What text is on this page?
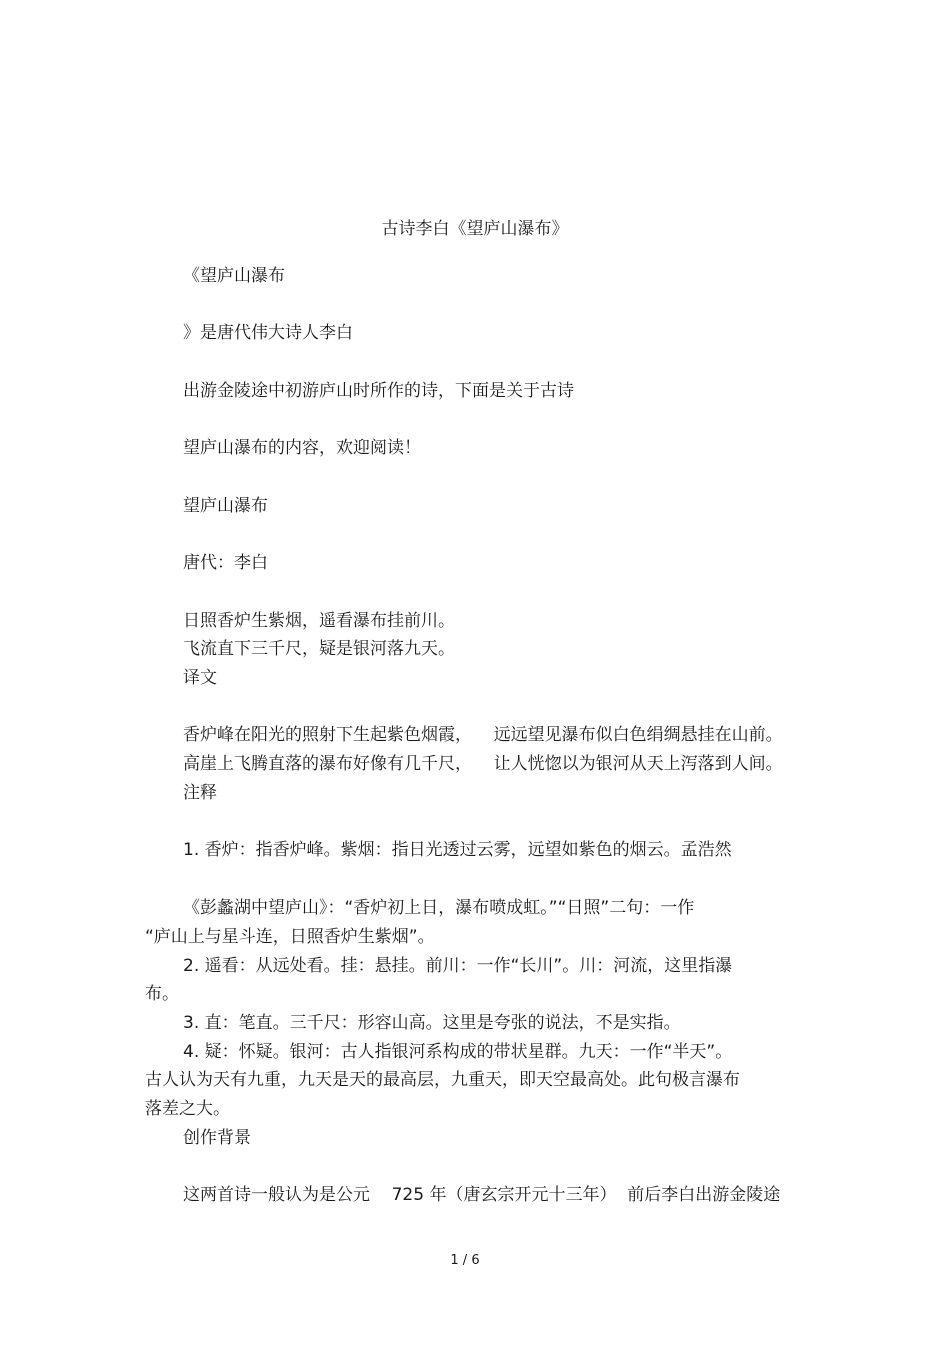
古诗李白《望庐山瀑布》
《望庐山瀑布
》是唐代伟大诗人李白
出游金陵途中初游庐山时所作的诗，下面是关于古诗
望庐山瀑布的内容，欢迎阅读！
望庐山瀑布
唐代：李白
日照香炉生紫烟，遥看瀑布挂前川。
飞流直下三千尺，疑是银河落九天。
译文
香炉峰在阳光的照射下生起紫色烟霞，    远远望见瀑布似白色绢绸悬挂在山前。
高崖上飞腾直落的瀑布好像有几千尺，    让人恍惚以为银河从天上泻落到人间。
注释
1. 香炉：指香炉峰。紫烟：指日光透过云雾，远望如紫色的烟云。孟浩然
《彭蠡湖中望庐山》：“香炉初上日，瀑布喷成虹。”“日照”二句：一作
“庐山上与星斗连，日照香炉生紫烟”。
2. 遥看：从远处看。挂：悬挂。前川：一作“长川”。川：河流，这里指瀑
布。
3. 直：笔直。三千尺：形容山高。这里是夸张的说法，不是实指。
4. 疑：怀疑。银河：古人指银河系构成的带状星群。九天：一作“半天”。
古人认为天有九重，九天是天的最高层，九重天，即天空最高处。此句极言瀑布
落差之大。
创作背景
这两首诗一般认为是公元    725 年（唐玄宗开元十三年）  前后李白出游金陵途
1 / 6
